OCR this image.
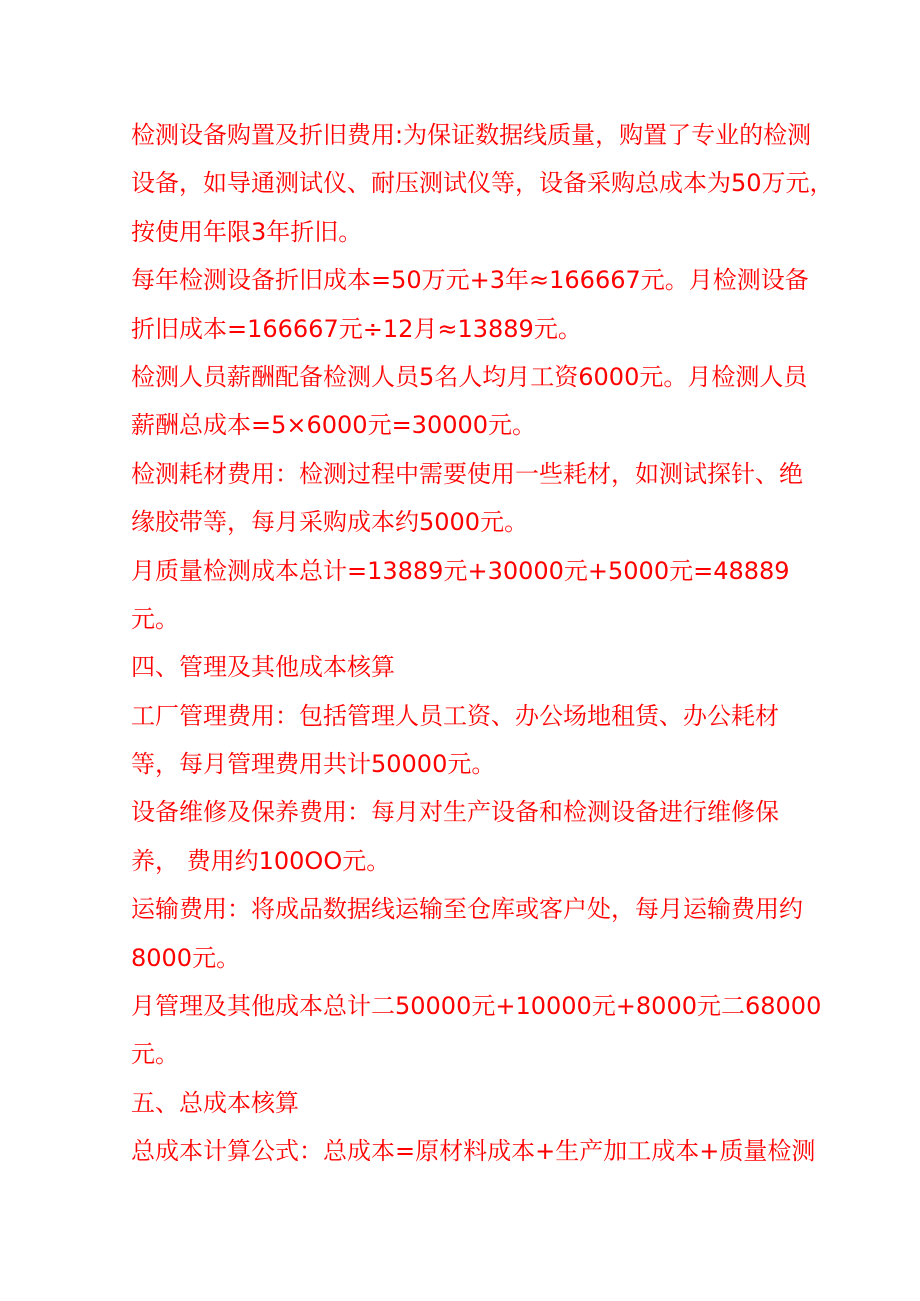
检测设备购置及折旧费用:为保证数据线质量，购置了专业的检测
设备，如导通测试仪、耐压测试仪等，设备采购总成本为50万元，
按使用年限3年折旧。
每年检测设备折旧成本=50万元+3年≈166667元。月检测设备
折旧成本=166667元÷12月≈13889元。
检测人员薪酬配备检测人员5名人均月工资6000元。月检测人员
薪酬总成本=5×6000元=30000元。
检测耗材费用：检测过程中需要使用一些耗材，如测试探针、绝
缘胶带等，每月采购成本约5000元。
月质量检测成本总计=13889元+30000元+5000元=48889
元。
四、管理及其他成本核算
工厂管理费用：包括管理人员工资、办公场地租赁、办公耗材
等，每月管理费用共计50000元。
设备维修及保养费用：每月对生产设备和检测设备进行维修保
养， 费用约100OO元。
运输费用：将成品数据线运输至仓库或客户处，每月运输费用约
8000元。
月管理及其他成本总计二50000元+10000元+8000元二68000
元。
五、总成本核算
总成本计算公式：总成本=原材料成本+生产加工成本+质量检测
